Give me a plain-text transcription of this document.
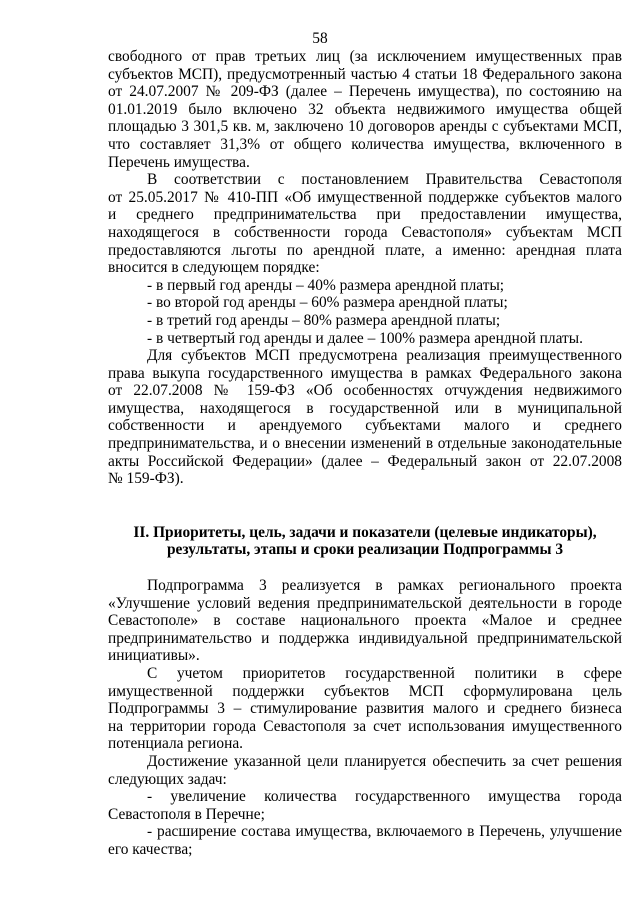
58
свободного от прав третьих лиц (за исключением имущественных прав
субъектов МСП), предусмотренный частью 4 статьи 18 Федерального закона
от 24.07.2007 № 209-ФЗ (далее – Перечень имущества), по состоянию на
01.01.2019 было включено 32 объекта недвижимого имущества общей
площадью 3 301,5 кв. м, заключено 10 договоров аренды с субъектами МСП,
что составляет 31,3% от общего количества имущества, включенного в
Перечень имущества.
В соответствии с постановлением Правительства Севастополя
от 25.05.2017 № 410-ПП «Об имущественной поддержке субъектов малого
и среднего предпринимательства при предоставлении имущества,
находящегося в собственности города Севастополя» субъектам МСП
предоставляются льготы по арендной плате, а именно: арендная плата
вносится в следующем порядке:
- в первый год аренды – 40% размера арендной платы;
- во второй год аренды – 60% размера арендной платы;
- в третий год аренды – 80% размера арендной платы;
- в четвертый год аренды и далее – 100% размера арендной платы.
Для субъектов МСП предусмотрена реализация преимущественного
права выкупа государственного имущества в рамках Федерального закона
от 22.07.2008 № 159-ФЗ «Об особенностях отчуждения недвижимого
имущества, находящегося в государственной или в муниципальной
собственности и арендуемого субъектами малого и среднего
предпринимательства, и о внесении изменений в отдельные законодательные
акты Российской Федерации» (далее – Федеральный закон от 22.07.2008
№ 159-ФЗ).
II. Приоритеты, цель, задачи и показатели (целевые индикаторы),
результаты, этапы и сроки реализации Подпрограммы 3
Подпрограмма 3 реализуется в рамках регионального проекта
«Улучшение условий ведения предпринимательской деятельности в городе
Севастополе» в составе национального проекта «Малое и среднее
предпринимательство и поддержка индивидуальной предпринимательской
инициативы».
С учетом приоритетов государственной политики в сфере
имущественной поддержки субъектов МСП сформулирована цель
Подпрограммы 3 – стимулирование развития малого и среднего бизнеса
на территории города Севастополя за счет использования имущественного
потенциала региона.
Достижение указанной цели планируется обеспечить за счет решения
следующих задач:
- увеличение количества государственного имущества города
Севастополя в Перечне;
- расширение состава имущества, включаемого в Перечень, улучшение
его качества;
